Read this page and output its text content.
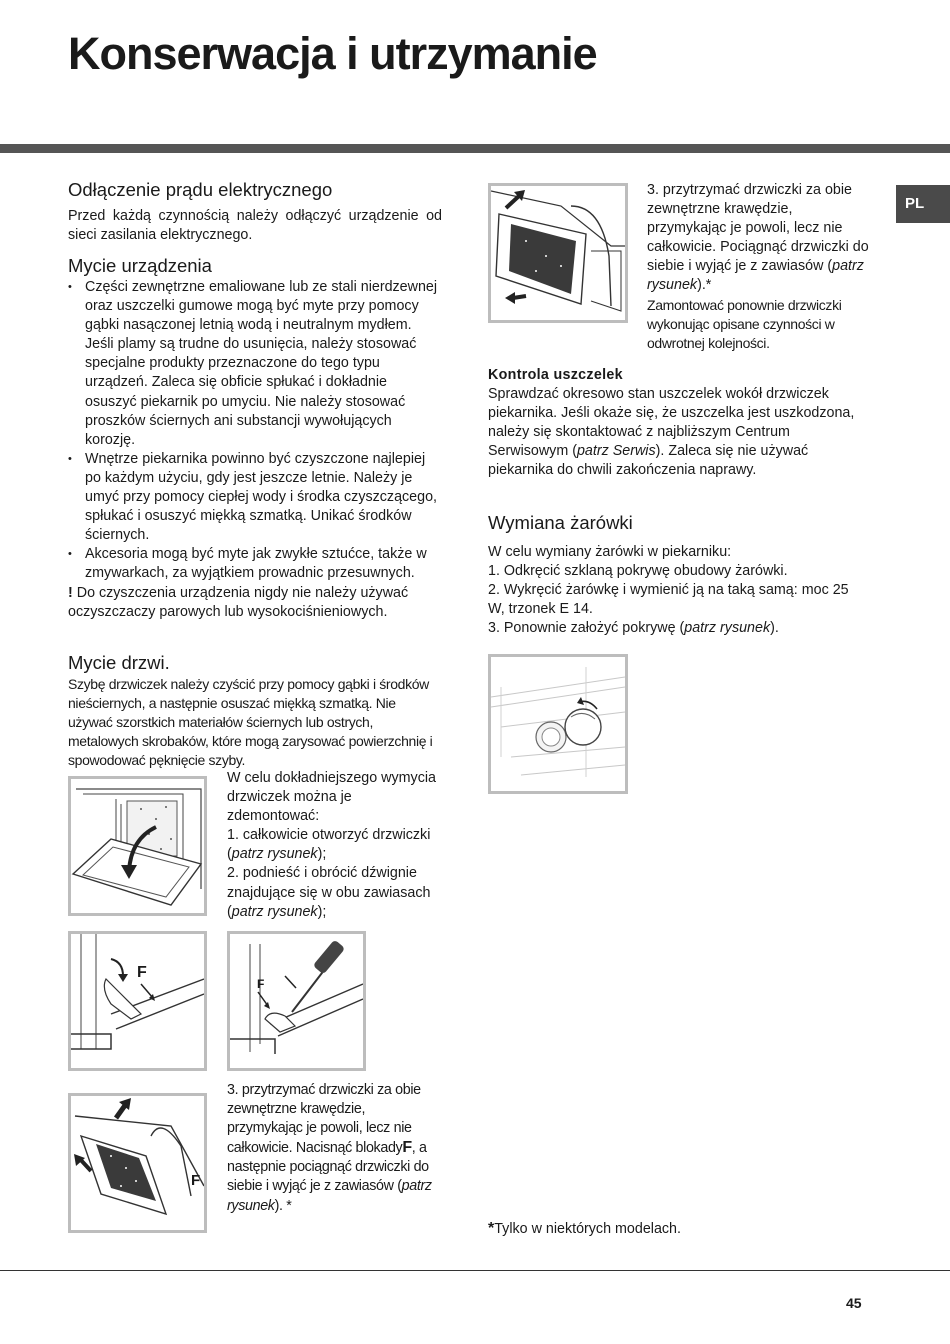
Konserwacja i utrzymanie
PL
Odłączenie prądu elektrycznego

Przed każdą czynnością należy odłączyć urządzenie od sieci zasilania elektrycznego.

Mycie urządzenia
• Części zewnętrzne emaliowane lub ze stali nierdzewnej oraz uszczelki gumowe mogą być myte przy pomocy gąbki nasączonej letnią wodą i neutralnym mydłem. Jeśli plamy są trudne do usunięcia, należy stosować specjalne produkty przeznaczone do tego typu urządzeń. Zaleca się obficie spłukać i dokładnie osuszyć piekarnik po umyciu. Nie należy stosować proszków ściernych ani substancji wywołujących korozję.
• Wnętrze piekarnika powinno być czyszczone najlepiej po każdym użyciu, gdy jest jeszcze letnie. Należy je umyć przy pomocy ciepłej wody i środka czyszczącego, spłukać i osuszyć miękką szmatką. Unikać środków ściernych.
• Akcesoria mogą być myte jak zwykłe sztućce, także w zmywarkach, za wyjątkiem prowadnic przesuwnych.

! Do czyszczenia urządzenia nigdy nie należy używać oczyszczaczy parowych lub wysokociśnieniowych.

Mycie drzwi.

Szybę drzwiczek należy czyścić przy pomocy gąbki i środków nieściernych, a następnie osuszać miękką szmatką. Nie używać szorstkich materiałów ściernych lub ostrych, metalowych skrobaków, które mogą zarysować powierzchnię i spowodować pęknięcie szyby.

W celu dokładniejszego wymycia drzwiczek można je zdemontować:

1. całkowicie otworzyć drzwiczki (patrz rysunek);

2. podnieść i obrócić dźwignie znajdujące się w obu zawiasach (patrz rysunek);

F
F
F

3. przytrzymać drzwiczki za obie zewnętrzne krawędzie, przymykając je powoli, lecz nie całkowicie. Nacisnąć blokadyF, a następnie pociągnąć drzwiczki do siebie i wyjąć je z zawiasów (patrz rysunek). *

3. przytrzymać drzwiczki za obie zewnętrzne krawędzie, przymykając je powoli, lecz nie całkowicie. Pociągnąć drzwiczki do siebie i wyjąć je z zawiasów (patrz rysunek).*

Zamontować ponownie drzwiczki wykonując opisane czynności w odwrotnej kolejności.

Kontrola uszczelek

Sprawdzać okresowo stan uszczelek wokół drzwiczek piekarnika. Jeśli okaże się, że uszczelka jest uszkodzona, należy się skontaktować z najbliższym Centrum Serwisowym (patrz Serwis). Zaleca się nie używać piekarnika do chwili zakończenia naprawy.

Wymiana żarówki

W celu wymiany żarówki w piekarniku:

1. Odkręcić szklaną pokrywę obudowy żarówki.

2. Wykręcić żarówkę i wymienić ją na taką samą: moc 25 W, trzonek E 14.

3. Ponownie założyć pokrywę (patrz rysunek).

*Tylko w niektórych modelach.

45
